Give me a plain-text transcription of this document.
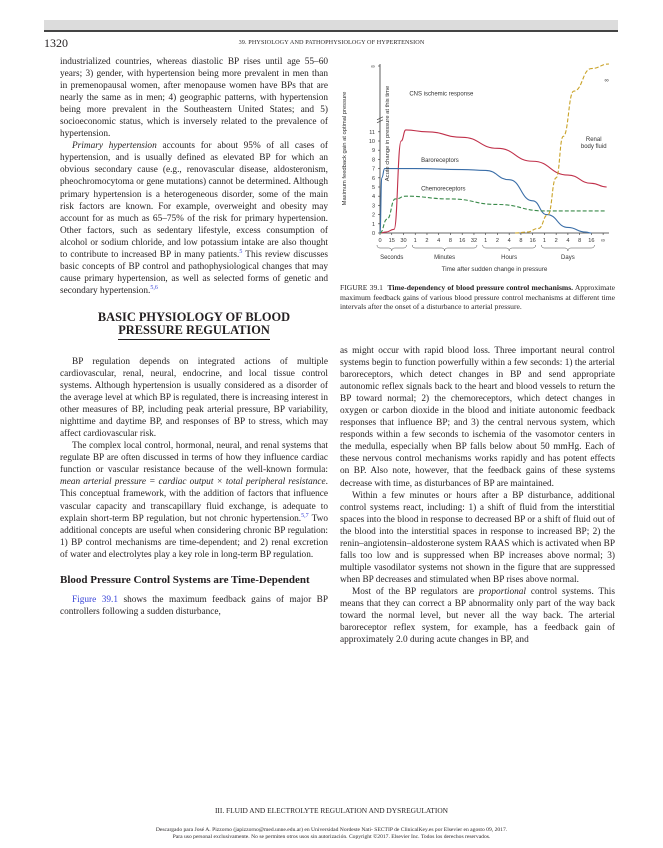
1320	39. PHYSIOLOGY AND PATHOPHYSIOLOGY OF HYPERTENSION

industrialized countries, whereas diastolic BP rises until age 55–60 years; 3) gender, with hypertension being more prevalent in men than in premenopausal women, after menopause women have BPs that are nearly the same as in men; 4) geographic patterns, with hypertension being more prevalent in the Southeastern United States; and 5) socioeconomic status, which is inversely related to the prevalence of hypertension.

Primary hypertension accounts for about 95% of all cases of hypertension, and is usually defined as elevated BP for which an obvious secondary cause (e.g., renovascular disease, aldosteronism, pheochromocytoma or gene mutations) cannot be determined. Although primary hypertension is a heterogeneous disorder, some of the main risk factors are known. For example, overweight and obesity may account for as much as 65–75% of the risk for primary hypertension. Other factors, such as sedentary lifestyle, excess consumption of alcohol or sodium chloride, and low potassium intake are also thought to contribute to increased BP in many patients.$^5$ This review discusses basic concepts of BP control and pathophysiological changes that may cause primary hypertension, as well as selected forms of genetic and secondary hypertension.$^{5,6}$

BASIC PHYSIOLOGY OF BLOOD
PRESSURE REGULATION

BP regulation depends on integrated actions of multiple cardiovascular, renal, neural, endocrine, and local tissue control systems. Although hypertension is usually considered as a disorder of the average level at which BP is regulated, there is increasing interest in other measures of BP, including peak arterial pressure, BP variability, nighttime and daytime BP, and responses of BP to stress, which may affect cardiovascular risk.

The complex local control, hormonal, neural, and renal systems that regulate BP are often discussed in terms of how they influence cardiac function or vascular resistance because of the well-known formula: mean arterial pressure = cardiac output × total peripheral resistance. This conceptual framework, with the addition of factors that influence vascular capacity and transcapillary fluid exchange, is adequate to explain short-term BP regulation, but not chronic hypertension.$^{5,7}$ Two additional concepts are useful when considering chronic BP regulation: 1) BP control mechanisms are time-dependent; and 2) renal excretion of water and electrolytes play a key role in long-term BP regulation.

Blood Pressure Control Systems are Time-Dependent

Figure 39.1 shows the maximum feedback gains of major BP controllers following a sudden disturbance,

0
1
2
3
4
5
6
7
8
9
10
11
∞
0 15 30 1 2 4 8 16 32 1 2 4 8 16 1 2 4 8 16 ∞
Seconds	Minutes	Hours	Days
Time after sudden change in pressure
Maximum feedback gain at optimal pressure	Acute change in pressure at this time	CNS ischemic response
Baroreceptors
Chemoreceptors
∞
Renal
body fluid
FIGURE 39.1 Time-dependency of blood pressure control mechanisms. Approximate maximum feedback gains of various blood pressure control mechanisms at different time intervals after the onset of a disturbance to arterial pressure.

as might occur with rapid blood loss. Three important neural control systems begin to function powerfully within a few seconds: 1) the arterial baroreceptors, which detect changes in BP and send appropriate autonomic reflex signals back to the heart and blood vessels to return the BP toward normal; 2) the chemoreceptors, which detect changes in oxygen or carbon dioxide in the blood and initiate autonomic feedback responses that influence BP; and 3) the central nervous system, which responds within a few seconds to ischemia of the vasomotor centers in the medulla, especially when BP falls below about 50 mmHg. Each of these nervous control mechanisms works rapidly and has potent effects on BP. Also note, however, that the feedback gains of these systems decrease with time, as disturbances of BP are maintained.

Within a few minutes or hours after a BP disturbance, additional control systems react, including: 1) a shift of fluid from the interstitial spaces into the blood in response to decreased BP or a shift of fluid out of the blood into the interstitial spaces in response to increased BP; 2) the renin–angiotensin–aldosterone system RAAS which is activated when BP falls too low and is suppressed when BP increases above normal; 3) multiple vasodilator systems not shown in the figure that are suppressed when BP decreases and stimulated when BP rises above normal.

Most of the BP regulators are proportional control systems. This means that they can correct a BP abnormality only part of the way back toward the normal level, but never all the way back. The arterial baroreceptor reflex system, for example, has a feedback gain of approximately 2.0 during acute changes in BP, and

III. FLUID AND ELECTROLYTE REGULATION AND DYSREGULATION
Descargado para José A. Pizzorno (japizzorno@med.unne.edu.ar) en Universidad Nordeste Nati- SECTIP de ClinicalKey.es por Elsevier en agosto 09, 2017.
Para uso personal exclusivamente. No se permiten otros usos sin autorización. Copyright ©2017. Elsevier Inc. Todos los derechos reservados.
